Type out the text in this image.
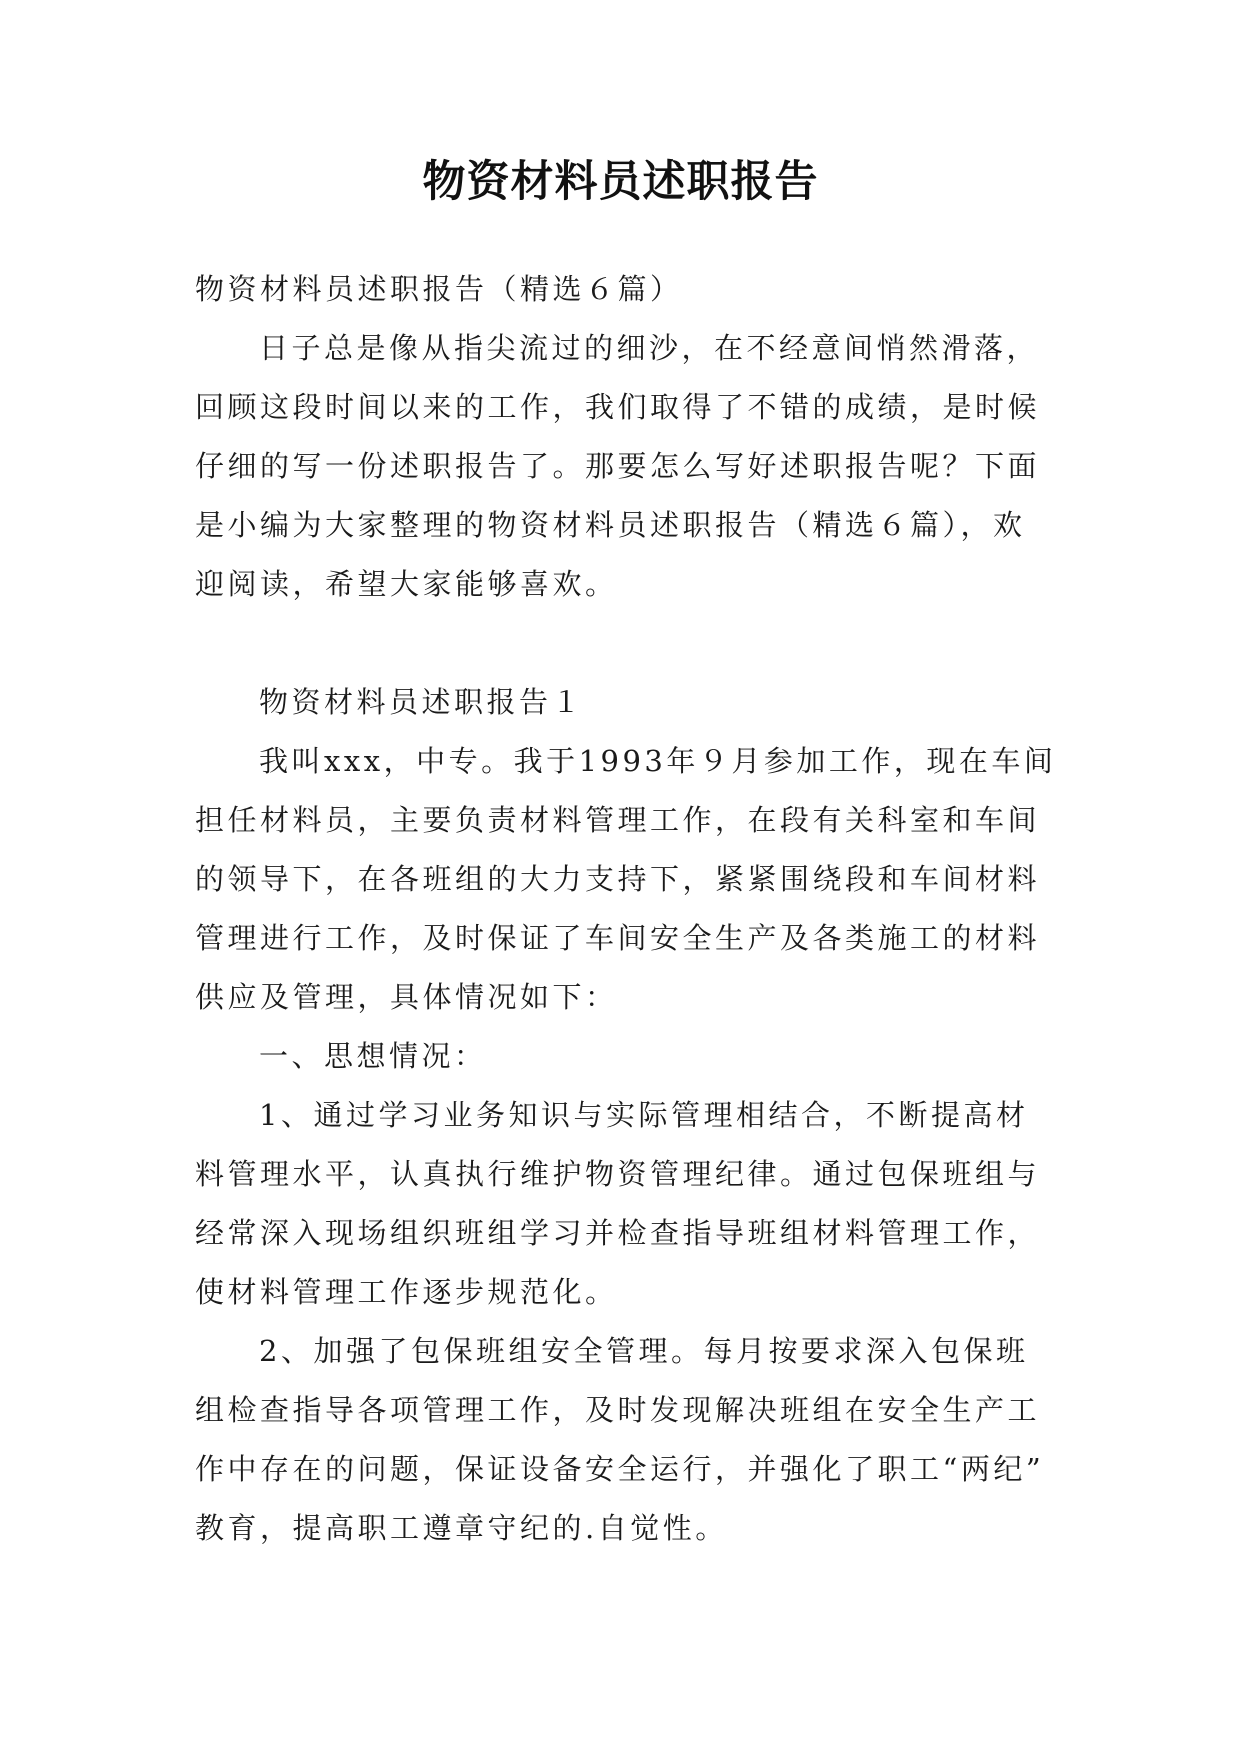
物资材料员述职报告
物资材料员述职报告（精选６篇）
日子总是像从指尖流过的细沙，在不经意间悄然滑落，
回顾这段时间以来的工作，我们取得了不错的成绩，是时候
仔细的写一份述职报告了。那要怎么写好述职报告呢？下面
是小编为大家整理的物资材料员述职报告（精选６篇），欢
迎阅读，希望大家能够喜欢。
物资材料员述职报告１
我叫xxx，中专。我于1993年９月参加工作，现在车间
担任材料员，主要负责材料管理工作，在段有关科室和车间
的领导下，在各班组的大力支持下，紧紧围绕段和车间材料
管理进行工作，及时保证了车间安全生产及各类施工的材料
供应及管理，具体情况如下：
一、思想情况：
1、通过学习业务知识与实际管理相结合，不断提高材
料管理水平，认真执行维护物资管理纪律。通过包保班组与
经常深入现场组织班组学习并检查指导班组材料管理工作，
使材料管理工作逐步规范化。
2、加强了包保班组安全管理。每月按要求深入包保班
组检查指导各项管理工作，及时发现解决班组在安全生产工
作中存在的问题，保证设备安全运行，并强化了职工“两纪”
教育，提高职工遵章守纪的.自觉性。
